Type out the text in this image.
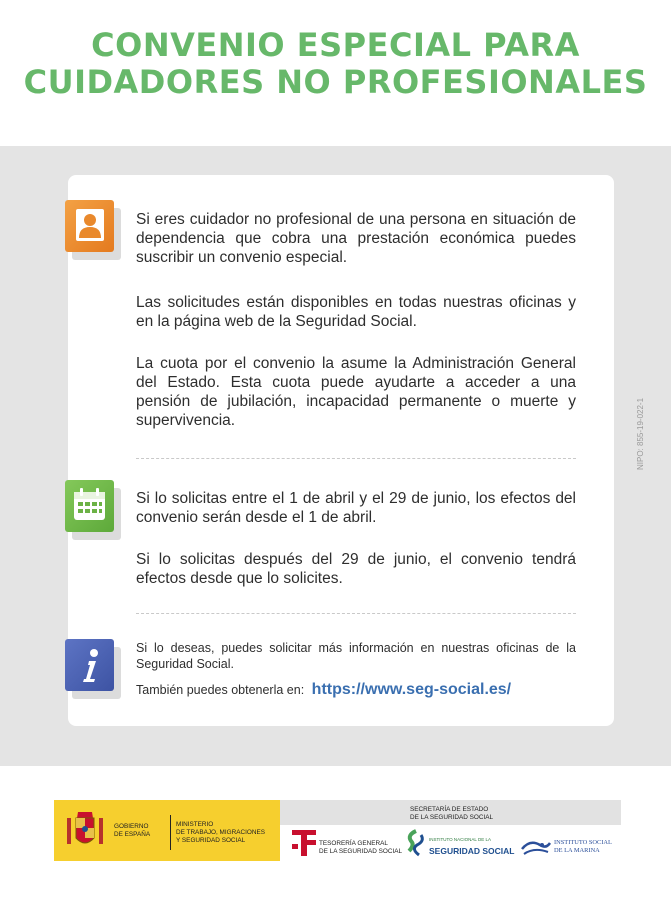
CONVENIO ESPECIAL PARA
CUIDADORES NO PROFESIONALES
Si eres cuidador no profesional de una persona en situación de dependencia que cobra una prestación económica puedes suscribir un convenio especial.
Las solicitudes están disponibles en todas nuestras oficinas y en la página web de la Seguridad Social.
La cuota por el convenio la asume la Administración General del Estado. Esta cuota puede ayudarte a acceder a una pensión de jubilación, incapacidad permanente o muerte y supervivencia.
Si lo solicitas entre el 1 de abril y el 29 de junio, los efectos del convenio serán desde el 1 de abril.
Si lo solicitas después del 29 de junio, el convenio tendrá efectos desde que lo solicites.
Si lo deseas, puedes solicitar más información en nuestras oficinas de la Seguridad Social.
También puedes obtenerla en: https://www.seg-social.es/
NIPO: 855-19-022-1
GOBIERNO
DE ESPAÑA
MINISTERIO
DE TRABAJO, MIGRACIONES
Y SEGURIDAD SOCIAL
SECRETARÍA DE ESTADO
DE LA SEGURIDAD SOCIAL
TESORERÍA GENERAL
DE LA SEGURIDAD SOCIAL
INSTITUTO NACIONAL DE LA
SEGURIDAD SOCIAL
INSTITUTO SOCIAL
DE LA MARINA
